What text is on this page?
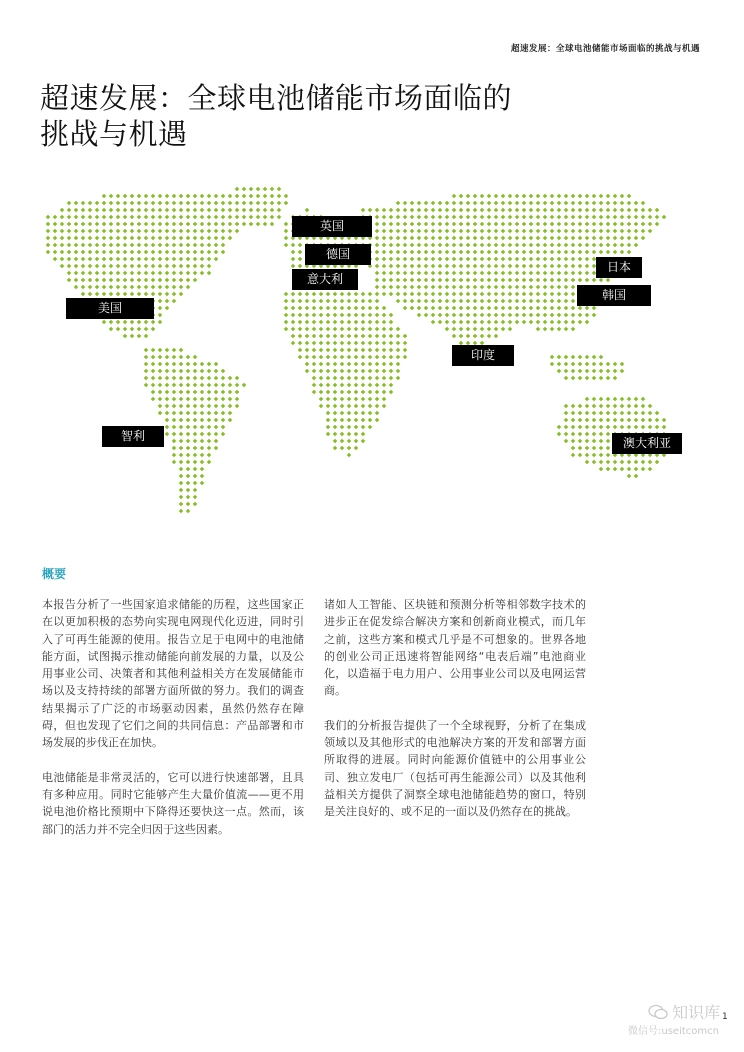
超速发展：全球电池储能市场面临的挑战与机遇
超速发展：全球电池储能市场面临的
挑战与机遇
英国
德国
意大利
美国
日本
韩国
印度
智利	澳大利亚
概要

本报告分析了一些国家追求储能的历程，这些国家正在以更加积极的态势向实现电网现代化迈进，同时引入了可再生能源的使用。报告立足于电网中的电池储能方面，试图揭示推动储能向前发展的力量，以及公用事业公司、决策者和其他利益相关方在发展储能市场以及支持持续的部署方面所做的努力。我们的调查结果揭示了广泛的市场驱动因素，虽然仍然存在障碍，但也发现了它们之间的共同信息：产品部署和市场发展的步伐正在加快。

电池储能是非常灵活的，它可以进行快速部署，且具有多种应用。同时它能够产生大量价值流——更不用说电池价格比预期中下降得还要快这一点。然而，该部门的活力并不完全归因于这些因素。

诸如人工智能、区块链和预测分析等相邻数字技术的进步正在促发综合解决方案和创新商业模式，而几年之前，这些方案和模式几乎是不可想象的。世界各地的创业公司正迅速将智能网络“电表后端”电池商业化，以造福于电力用户、公用事业公司以及电网运营商。

我们的分析报告提供了一个全球视野，分析了在集成领域以及其他形式的电池解决方案的开发和部署方面所取得的进展。同时向能源价值链中的公用事业公司、独立发电厂（包括可再生能源公司）以及其他利益相关方提供了洞察全球电池储能趋势的窗口，特别是关注良好的、或不足的一面以及仍然存在的挑战。

知识库
微信号:useitcomcn
1
